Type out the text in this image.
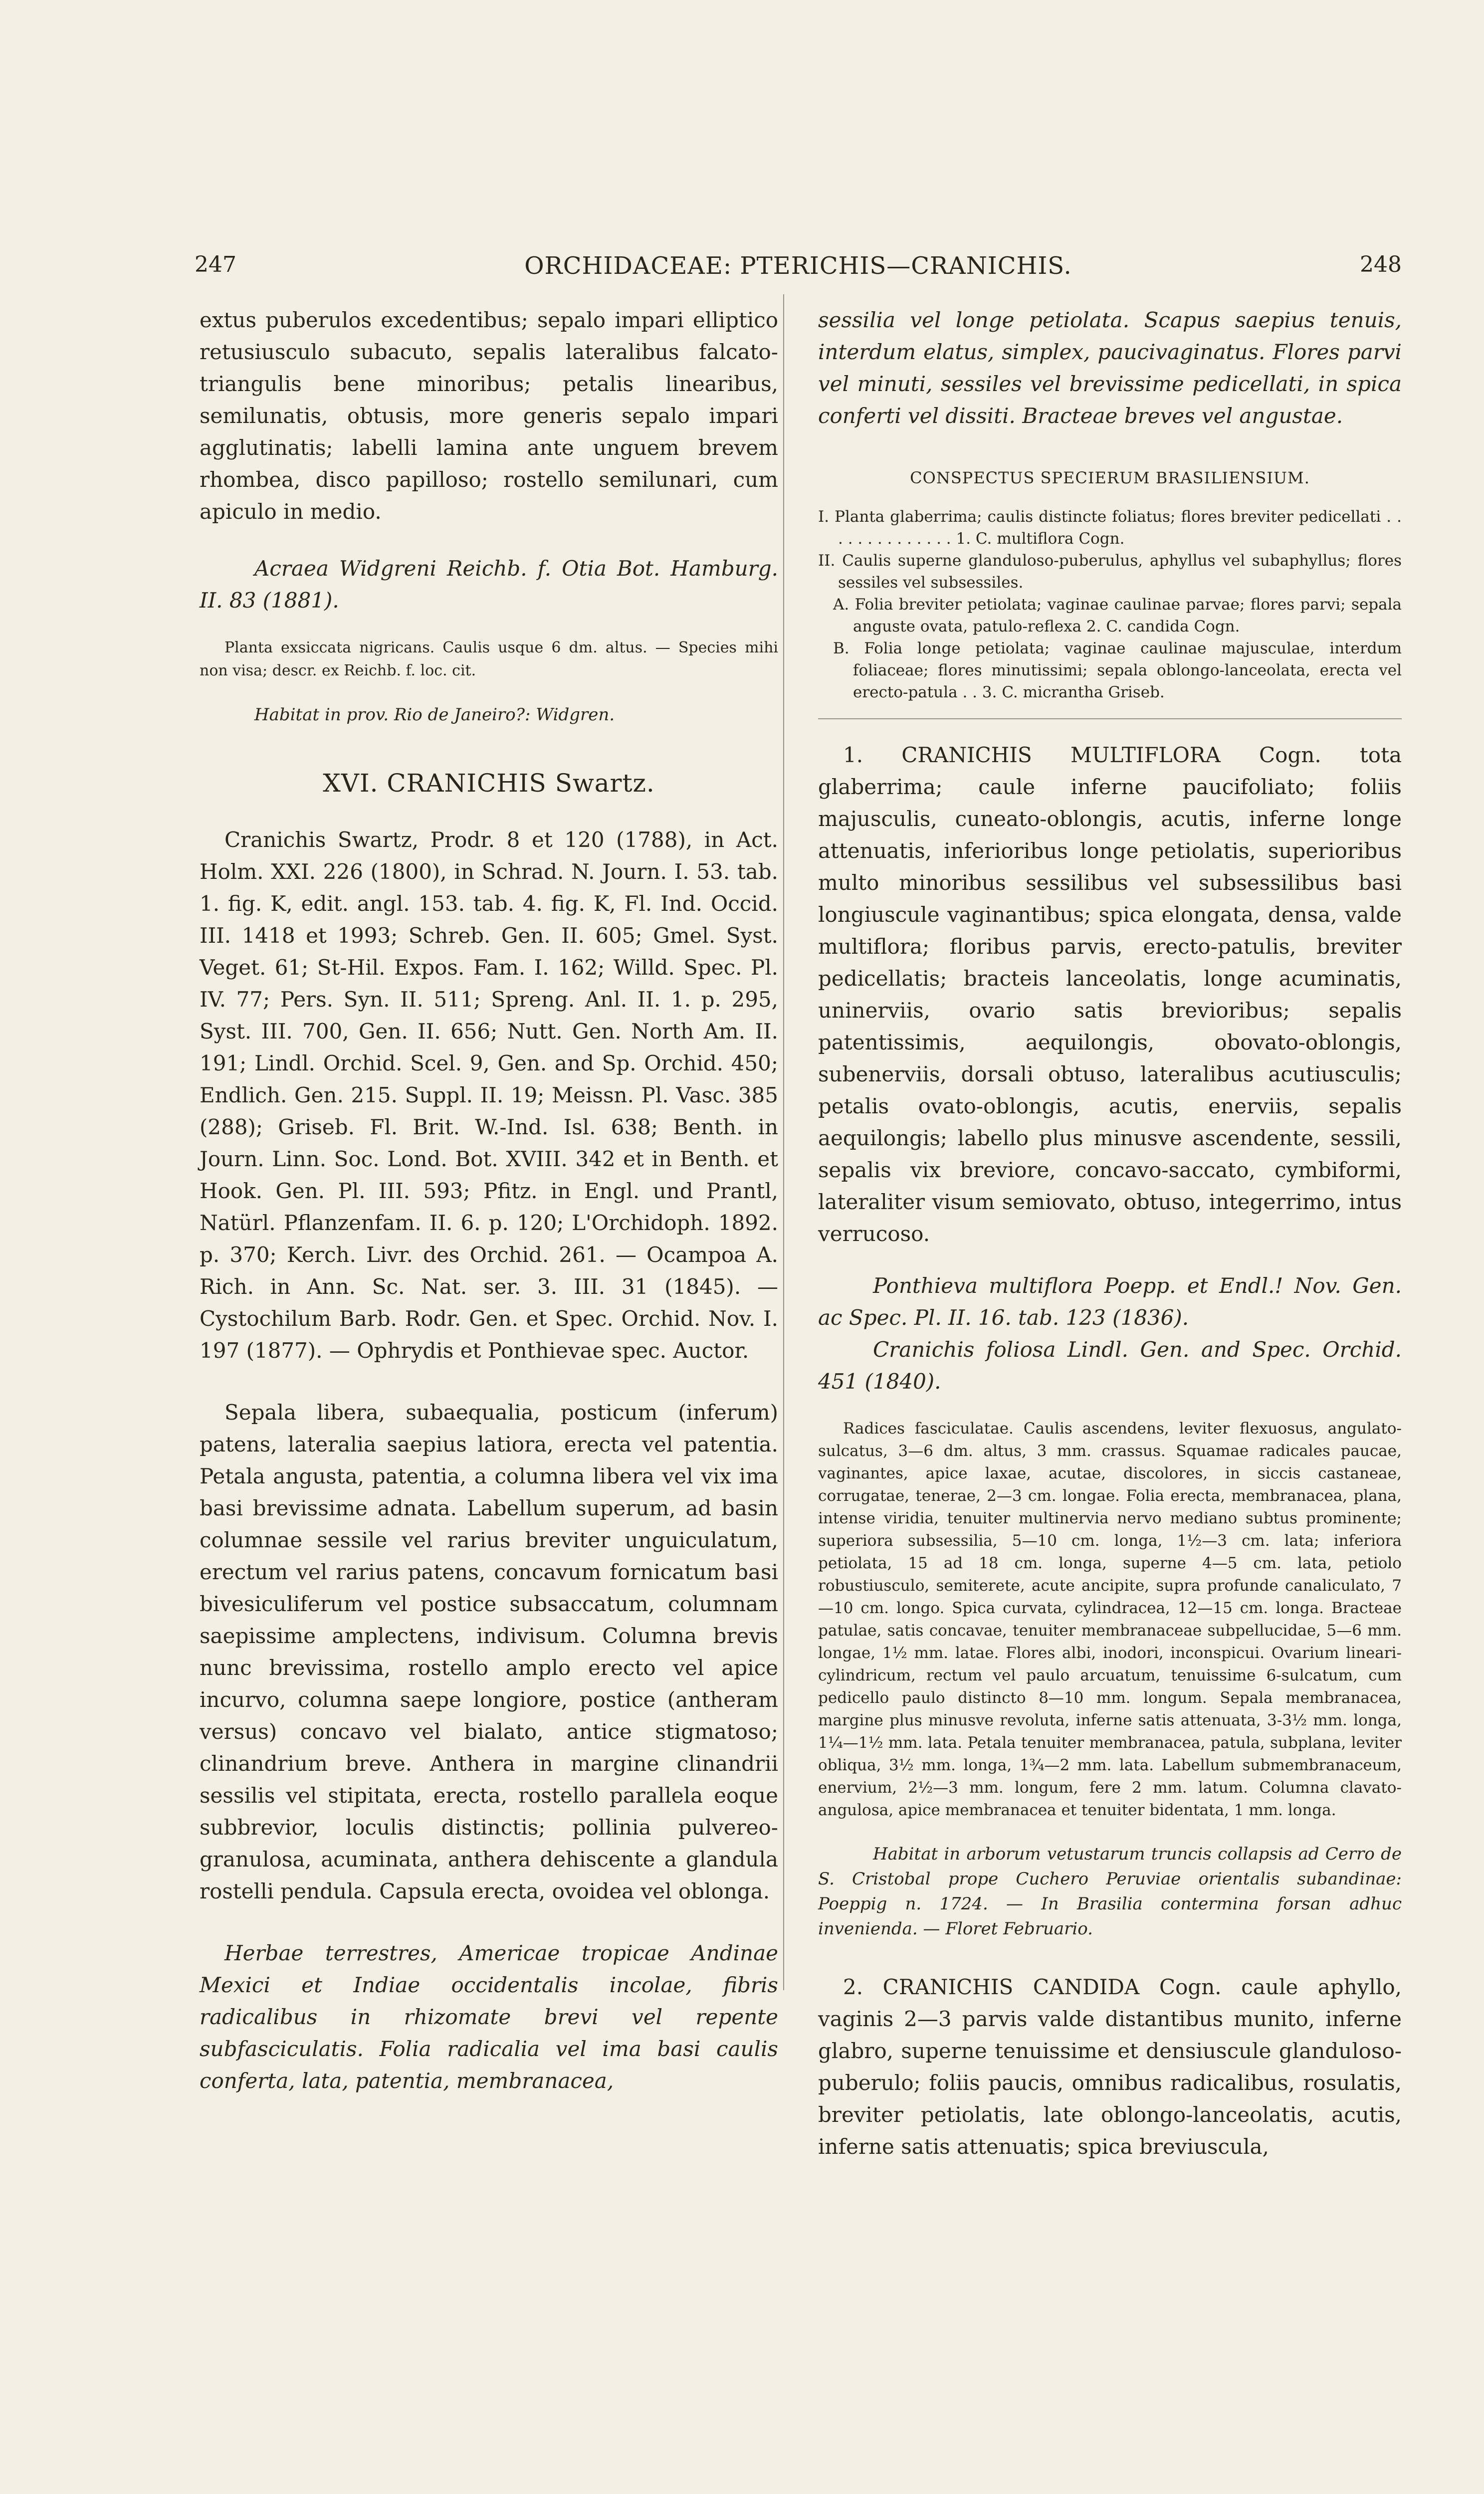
247	ORCHIDACEAE: PTERICHIS—CRANICHIS.	248

extus puberulos excedentibus; sepalo impari elliptico retusiusculo subacuto, sepalis lateralibus falcato-triangulis bene minoribus; petalis linearibus, semilunatis, obtusis, more generis sepalo impari agglutinatis; labelli lamina ante unguem brevem rhombea, disco papilloso; rostello semilunari, cum apiculo in medio.

Acraea Widgreni Reichb. f. Otia Bot. Hamburg. II. 83 (1881).

Planta exsiccata nigricans. Caulis usque 6 dm. altus. — Species mihi non visa; descr. ex Reichb. f. loc. cit.

Habitat in prov. Rio de Janeiro?: Widgren.

XVI. CRANICHIS Swartz.

Cranichis Swartz, Prodr. 8 et 120 (1788), in Act. Holm. XXI. 226 (1800), in Schrad. N. Journ. I. 53. tab. 1. fig. K, edit. angl. 153. tab. 4. fig. K, Fl. Ind. Occid. III. 1418 et 1993; Schreb. Gen. II. 605; Gmel. Syst. Veget. 61; St-Hil. Expos. Fam. I. 162; Willd. Spec. Pl. IV. 77; Pers. Syn. II. 511; Spreng. Anl. II. 1. p. 295, Syst. III. 700, Gen. II. 656; Nutt. Gen. North Am. II. 191; Lindl. Orchid. Scel. 9, Gen. and Sp. Orchid. 450; Endlich. Gen. 215. Suppl. II. 19; Meissn. Pl. Vasc. 385 (288); Griseb. Fl. Brit. W.-Ind. Isl. 638; Benth. in Journ. Linn. Soc. Lond. Bot. XVIII. 342 et in Benth. et Hook. Gen. Pl. III. 593; Pfitz. in Engl. und Prantl, Natürl. Pflanzenfam. II. 6. p. 120; L'Orchidoph. 1892. p. 370; Kerch. Livr. des Orchid. 261. — Ocampoa A. Rich. in Ann. Sc. Nat. ser. 3. III. 31 (1845). — Cystochilum Barb. Rodr. Gen. et Spec. Orchid. Nov. I. 197 (1877). — Ophrydis et Ponthievae spec. Auctor.

Sepala libera, subaequalia, posticum (inferum) patens, lateralia saepius latiora, erecta vel patentia. Petala angusta, patentia, a columna libera vel vix ima basi brevissime adnata. Labellum superum, ad basin columnae sessile vel rarius breviter unguiculatum, erectum vel rarius patens, concavum fornicatum basi bivesiculiferum vel postice subsaccatum, columnam saepissime amplectens, indivisum. Columna brevis nunc brevissima, rostello amplo erecto vel apice incurvo, columna saepe longiore, postice (antheram versus) concavo vel bialato, antice stigmatoso; clinandrium breve. Anthera in margine clinandrii sessilis vel stipitata, erecta, rostello parallela eoque subbrevior, loculis distinctis; pollinia pulvereo-granulosa, acuminata, anthera dehiscente a glandula rostelli pendula. Capsula erecta, ovoidea vel oblonga.

Herbae terrestres, Americae tropicae Andinae Mexici et Indiae occidentalis incolae, fibris radicalibus in rhizomate brevi vel repente subfasciculatis. Folia radicalia vel ima basi caulis conferta, lata, patentia, membranacea,

sessilia vel longe petiolata. Scapus saepius tenuis, interdum elatus, simplex, paucivaginatus. Flores parvi vel minuti, sessiles vel brevissime pedicellati, in spica conferti vel dissiti. Bracteae breves vel angustae.

CONSPECTUS SPECIERUM BRASILIENSIUM.

I. Planta glaberrima; caulis distincte foliatus; flores breviter pedicellati . . . . . . . . . . . . . . 1. C. multiflora Cogn.

II. Caulis superne glanduloso-puberulus, aphyllus vel subaphyllus; flores sessiles vel subsessiles.

A. Folia breviter petiolata; vaginae caulinae parvae; flores parvi; sepala anguste ovata, patulo-reflexa 2. C. candida Cogn.

B. Folia longe petiolata; vaginae caulinae majusculae, interdum foliaceae; flores minutissimi; sepala oblongo-lanceolata, erecta vel erecto-patula . . 3. C. micrantha Griseb.

1. CRANICHIS MULTIFLORA Cogn. tota glaberrima; caule inferne paucifoliato; foliis majusculis, cuneato-oblongis, acutis, inferne longe attenuatis, inferioribus longe petiolatis, superioribus multo minoribus sessilibus vel subsessilibus basi longiuscule vaginantibus; spica elongata, densa, valde multiflora; floribus parvis, erecto-patulis, breviter pedicellatis; bracteis lanceolatis, longe acuminatis, uninerviis, ovario satis brevioribus; sepalis patentissimis, aequilongis, obovato-oblongis, subenerviis, dorsali obtuso, lateralibus acutiusculis; petalis ovato-oblongis, acutis, enerviis, sepalis aequilongis; labello plus minusve ascendente, sessili, sepalis vix breviore, concavo-saccato, cymbiformi, lateraliter visum semiovato, obtuso, integerrimo, intus verrucoso.

Ponthieva multiflora Poepp. et Endl.! Nov. Gen. ac Spec. Pl. II. 16. tab. 123 (1836).

Cranichis foliosa Lindl. Gen. and Spec. Orchid. 451 (1840).

Radices fasciculatae. Caulis ascendens, leviter flexuosus, angulato-sulcatus, 3—6 dm. altus, 3 mm. crassus. Squamae radicales paucae, vaginantes, apice laxae, acutae, discolores, in siccis castaneae, corrugatae, tenerae, 2—3 cm. longae. Folia erecta, membranacea, plana, intense viridia, tenuiter multinervia nervo mediano subtus prominente; superiora subsessilia, 5—10 cm. longa, 1½—3 cm. lata; inferiora petiolata, 15 ad 18 cm. longa, superne 4—5 cm. lata, petiolo robustiusculo, semiterete, acute ancipite, supra profunde canaliculato, 7—10 cm. longo. Spica curvata, cylindracea, 12—15 cm. longa. Bracteae patulae, satis concavae, tenuiter membranaceae subpellucidae, 5—6 mm. longae, 1½ mm. latae. Flores albi, inodori, inconspicui. Ovarium lineari-cylindricum, rectum vel paulo arcuatum, tenuissime 6-sulcatum, cum pedicello paulo distincto 8—10 mm. longum. Sepala membranacea, margine plus minusve revoluta, inferne satis attenuata, 3-3½ mm. longa, 1¼—1½ mm. lata. Petala tenuiter membranacea, patula, subplana, leviter obliqua, 3½ mm. longa, 1¾—2 mm. lata. Labellum submembranaceum, enervium, 2½—3 mm. longum, fere 2 mm. latum. Columna clavato-angulosa, apice membranacea et tenuiter bidentata, 1 mm. longa.

Habitat in arborum vetustarum truncis collapsis ad Cerro de S. Cristobal prope Cuchero Peruviae orientalis subandinae: Poeppig n. 1724. — In Brasilia contermina forsan adhuc invenienda. — Floret Februario.

2. CRANICHIS CANDIDA Cogn. caule aphyllo, vaginis 2—3 parvis valde distantibus munito, inferne glabro, superne tenuissime et densiuscule glanduloso-puberulo; foliis paucis, omnibus radicalibus, rosulatis, breviter petiolatis, late oblongo-lanceolatis, acutis, inferne satis attenuatis; spica breviuscula,
